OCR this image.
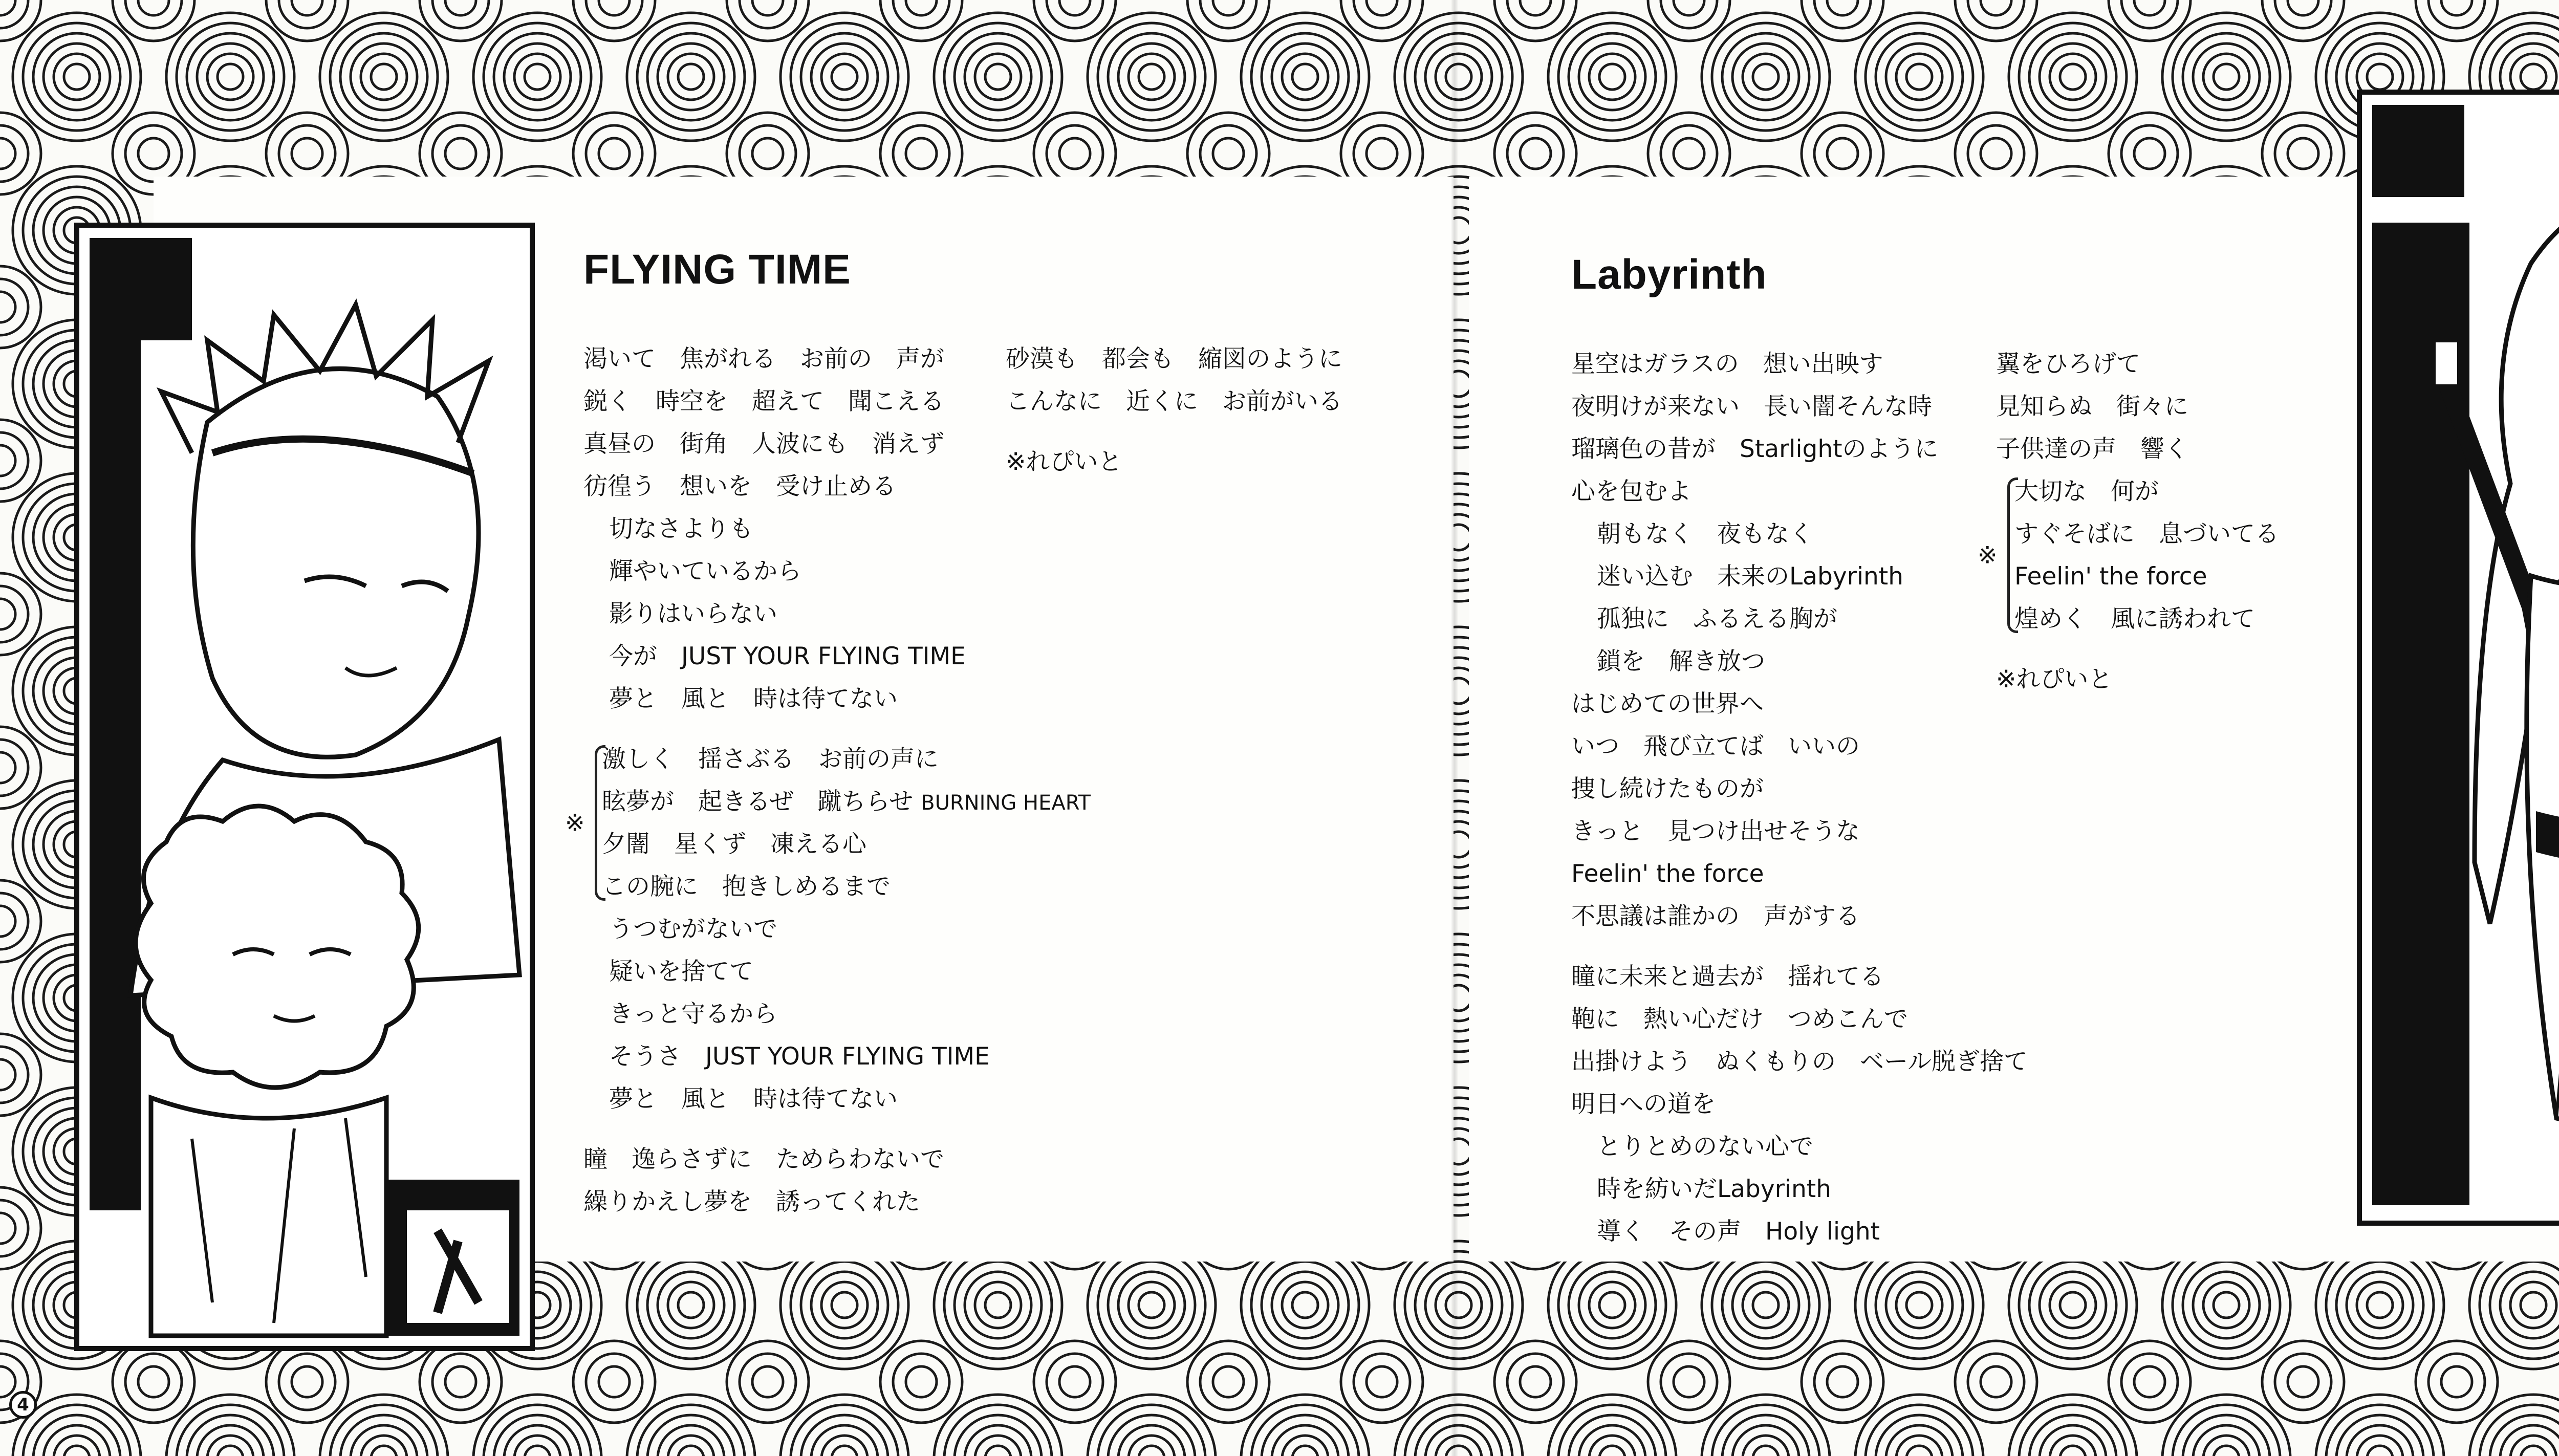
FLYING TIME
渇いて　焦がれる　お前の　声が
鋭く　時空を　超えて　聞こえる
真昼の　街角　人波にも　消えず
彷徨う　想いを　受け止める
切なさよりも
輝やいているから
影りはいらない
今が　JUST YOUR FLYING TIME
夢と　風と　時は待てない
※
激しく　揺さぶる　お前の声に
眩夢が　起きるぜ　蹴ちらせ BURNING HEART
夕闇　星くず　凍える心
この腕に　抱きしめるまで
うつむがないで
疑いを捨てて
きっと守るから
そうさ　JUST YOUR FLYING TIME
夢と　風と　時は待てない
瞳　逸らさずに　ためらわないで
繰りかえし夢を　誘ってくれた
砂漠も　都会も　縮図のように
こんなに　近くに　お前がいる
※れぴいと
Labyrinth
星空はガラスの　想い出映す
夜明けが来ない　長い闇そんな時
瑠璃色の昔が　Starlightのように
心を包むよ
朝もなく　夜もなく
迷い込む　未来のLabyrinth
孤独に　ふるえる胸が
鎖を　解き放つ
はじめての世界へ
いつ　飛び立てば　いいの
捜し続けたものが
きっと　見つけ出せそうな
Feelin' the force
不思議は誰かの　声がする
瞳に未来と過去が　揺れてる
鞄に　熱い心だけ　つめこんで
出掛けよう　ぬくもりの　ベール脱ぎ捨て
明日への道を
とりとめのない心で
時を紡いだLabyrinth
導く　その声　Holy light
翼をひろげて
見知らぬ　街々に
子供達の声　響く
※
大切な　何が
すぐそばに　息づいてる
Feelin' the force
煌めく　風に誘われて
※れぴいと
4
